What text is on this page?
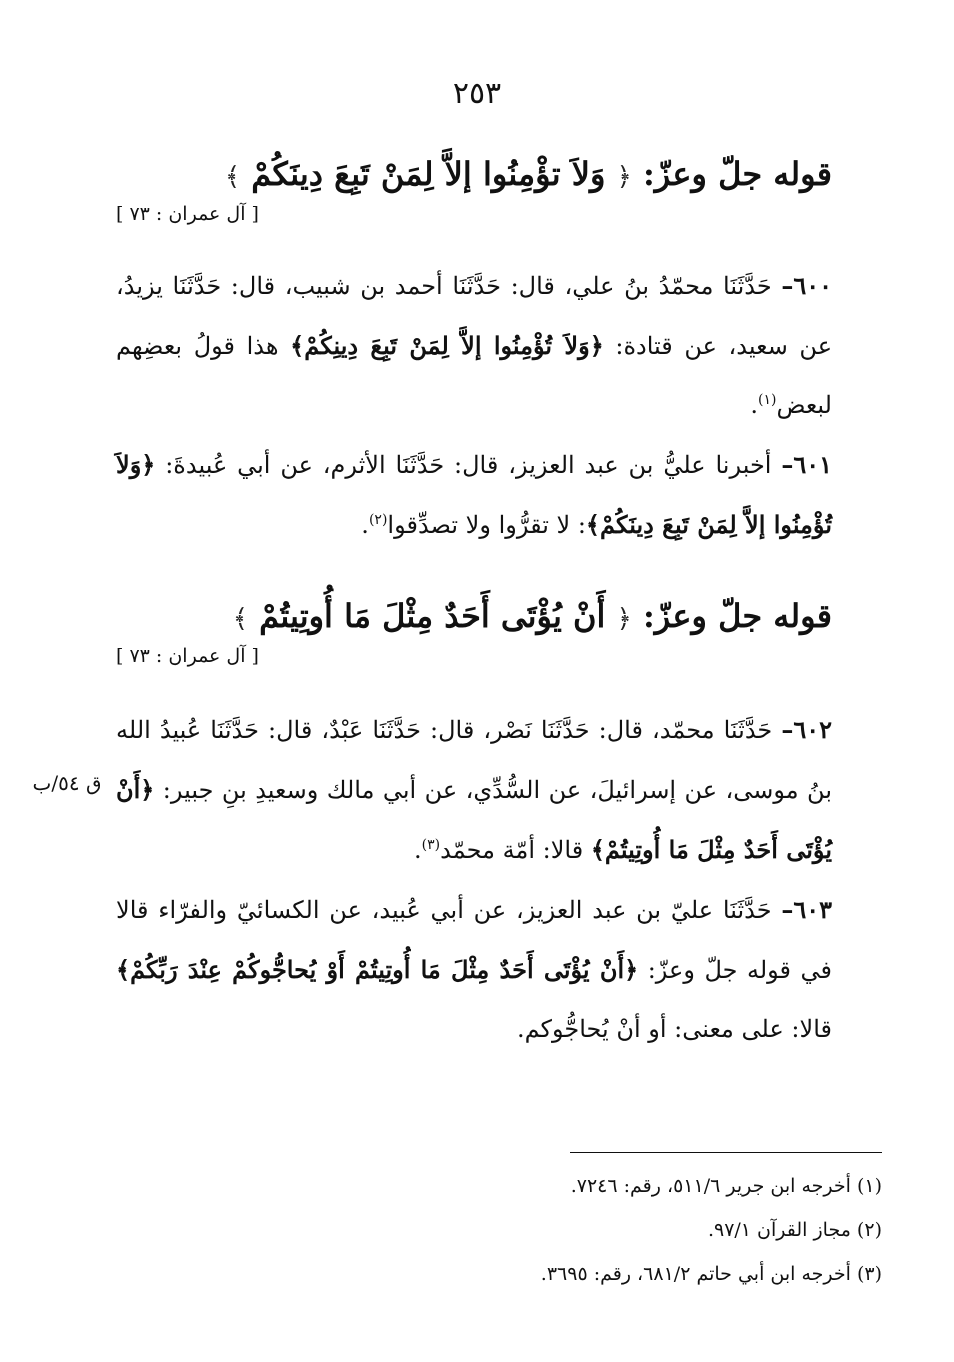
٢٥٣
قوله جلّ وعزّ: ﴿ وَلاَ تؤْمِنُوا إلاَّ لِمَنْ تَبِعَ دِينَكُمْ ﴾
[ آل عمران : ٧٣ ]
٦٠٠– حَدَّثَنَا محمّدُ بنُ علي، قال: حَدَّثَنَا أحمد بن شبيب، قال: حَدَّثَنَا يزيدُ، عن سعيد، عن قتادة: ﴿وَلاَ تُؤْمِنُوا إلاَّ لِمَنْ تَبِعَ دِينِكُمْ﴾ هذا قولُ بعضِهم لبعض$^{(١)}$.
٦٠١– أخبرنا عليُّ بن عبد العزيز، قال: حَدَّثَنَا الأثرم، عن أبي عُبيدةَ: ﴿وَلاَ تُؤْمِنُوا إلاَّ لِمَنْ تَبِعَ دِينَكُمْ﴾: لا تقرُّوا ولا تصدِّقوا$^{(٢)}$.
قوله جلّ وعزّ: ﴿ أَنْ يُؤْتَى أَحَدٌ مِثْلَ مَا أُوتِيتُمْ ﴾
[ آل عمران : ٧٣ ]
٦٠٢– حَدَّثَنَا محمّد، قال: حَدَّثَنَا نَصْر، قال: حَدَّثَنَا عَبْدٌ، قال: حَدَّثَنَا عُبيدُ الله بنُ موسى، عن إسرائيلَ، عن السُّدِّي، عن أبي مالك وسعيدِ بنِ جبير: ﴿أَنْ يُؤْتَى أَحَدٌ مِثْلَ مَا أُوتِيتُمْ﴾ قالا: أمّة محمّد$^{(٣)}$.
٦٠٣– حَدَّثَنَا عليّ بن عبد العزيز، عن أبي عُبيد، عن الكسائيّ والفرّاء قالا في قوله جلّ وعزّ: ﴿أَنْ يُؤْتَى أَحَدٌ مِثْلَ مَا أُوتِيتُمْ أَوْ يُحاجُّوكُمْ عِنْدَ رَبِّكُمْ﴾ قالا: على معنى: أو أنْ يُحاجُّوكم.
ق ٥٤/ب
(١) أخرجه ابن جرير ٥١١/٦، رقم: ٧٢٤٦.
(٢) مجاز القرآن ٩٧/١.
(٣) أخرجه ابن أبي حاتم ٦٨١/٢، رقم: ٣٦٩٥.
